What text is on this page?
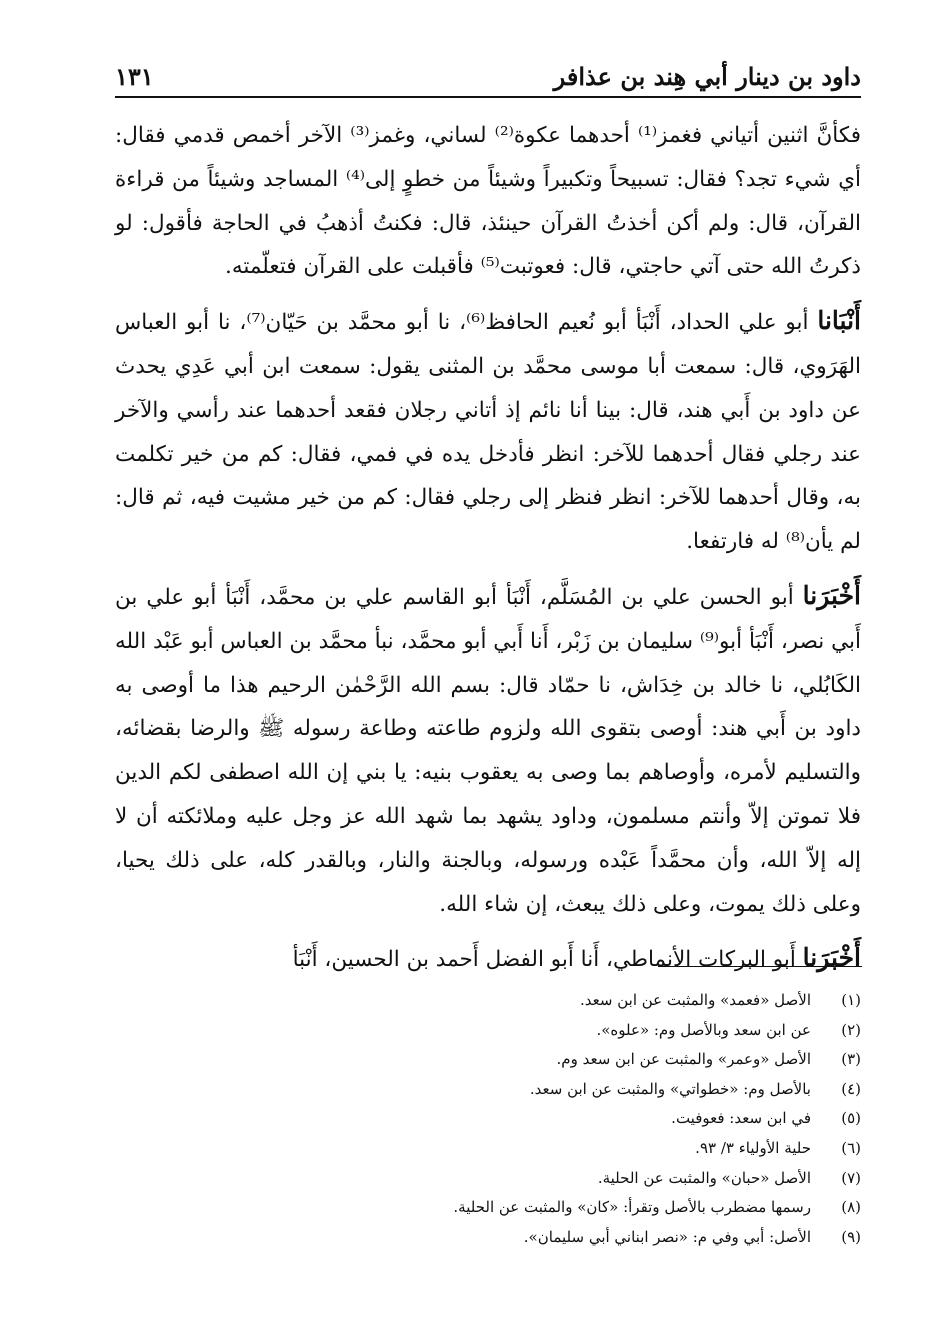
داود بن دينار أبي هِند بن عذافر
١٣١

فكأنَّ اثنين أتياني فغمز⁽¹⁾ أحدهما عكوة⁽²⁾ لساني، وغمز⁽³⁾ الآخر أخمص قدمي فقال: أي شيء تجد؟ فقال: تسبيحاً وتكبيراً وشيئاً من خطوٍ إلى⁽⁴⁾ المساجد وشيئاً من قراءة القرآن، قال: ولم أكن أخذتُ القرآن حينئذ، قال: فكنتُ أذهبُ في الحاجة فأقول: لو ذكرتُ الله حتى آتي حاجتي، قال: فعوتبت⁽⁵⁾ فأقبلت على القرآن فتعلّمته.

أَنْبَانا أبو علي الحداد، أَنْبَأ أبو نُعيم الحافظ⁽⁶⁾، نا أبو محمَّد بن حَيّان⁽⁷⁾، نا أبو العباس الهَرَوي، قال: سمعت أبا موسى محمَّد بن المثنى يقول: سمعت ابن أبي عَدِي يحدث عن داود بن أَبي هند، قال: بينا أنا نائم إذ أتاني رجلان فقعد أحدهما عند رأسي والآخر عند رجلي فقال أحدهما للآخر: انظر فأدخل يده في فمي، فقال: كم من خير تكلمت به، وقال أحدهما للآخر: انظر فنظر إلى رجلي فقال: كم من خير مشيت فيه، ثم قال: لم يأن⁽⁸⁾ له فارتفعا.

أَخْبَرَنا أبو الحسن علي بن المُسَلَّم، أَنْبَأ أبو القاسم علي بن محمَّد، أَنْبَأ أبو علي بن أَبي نصر، أَنْبَأ أبو⁽⁹⁾ سليمان بن زَبْر، أَنا أَبي أبو محمَّد، نبأ محمَّد بن العباس أبو عَبْد الله الكَابُلي، نا خالد بن خِدَاش، نا حمّاد قال: بسم الله الرَّحْمٰن الرحيم هذا ما أوصى به داود بن أَبي هند: أوصى بتقوى الله ولزوم طاعته وطاعة رسوله ﷺ والرضا بقضائه، والتسليم لأمره، وأوصاهم بما وصى به يعقوب بنيه: يا بني إن الله اصطفى لكم الدين فلا تموتن إلاّ وأنتم مسلمون، وداود يشهد بما شهد الله عز وجل عليه وملائكته أن لا إله إلاّ الله، وأن محمَّداً عَبْده ورسوله، وبالجنة والنار، وبالقدر كله، على ذلك يحيا، وعلى ذلك يموت، وعلى ذلك يبعث، إن شاء الله.

أَخْبَرَنا أَبو البركات الأنماطي، أَنا أَبو الفضل أَحمد بن الحسين، أَنْبَأ

(١)الأصل «فعمد» والمثبت عن ابن سعد.
(٢)عن ابن سعد وبالأصل وم: «علوه».
(٣)الأصل «وعمر» والمثبت عن ابن سعد وم.
(٤)بالأصل وم: «خطواتي» والمثبت عن ابن سعد.
(٥)في ابن سعد: فعوفيت.
(٦)حلية الأولياء ٣/ ٩٣.
(٧)الأصل «حبان» والمثبت عن الحلية.
(٨)رسمها مضطرب بالأصل وتقرأ: «كان» والمثبت عن الحلية.
(٩)الأصل: أبي وفي م: «نصر ابناني أبي سليمان».
